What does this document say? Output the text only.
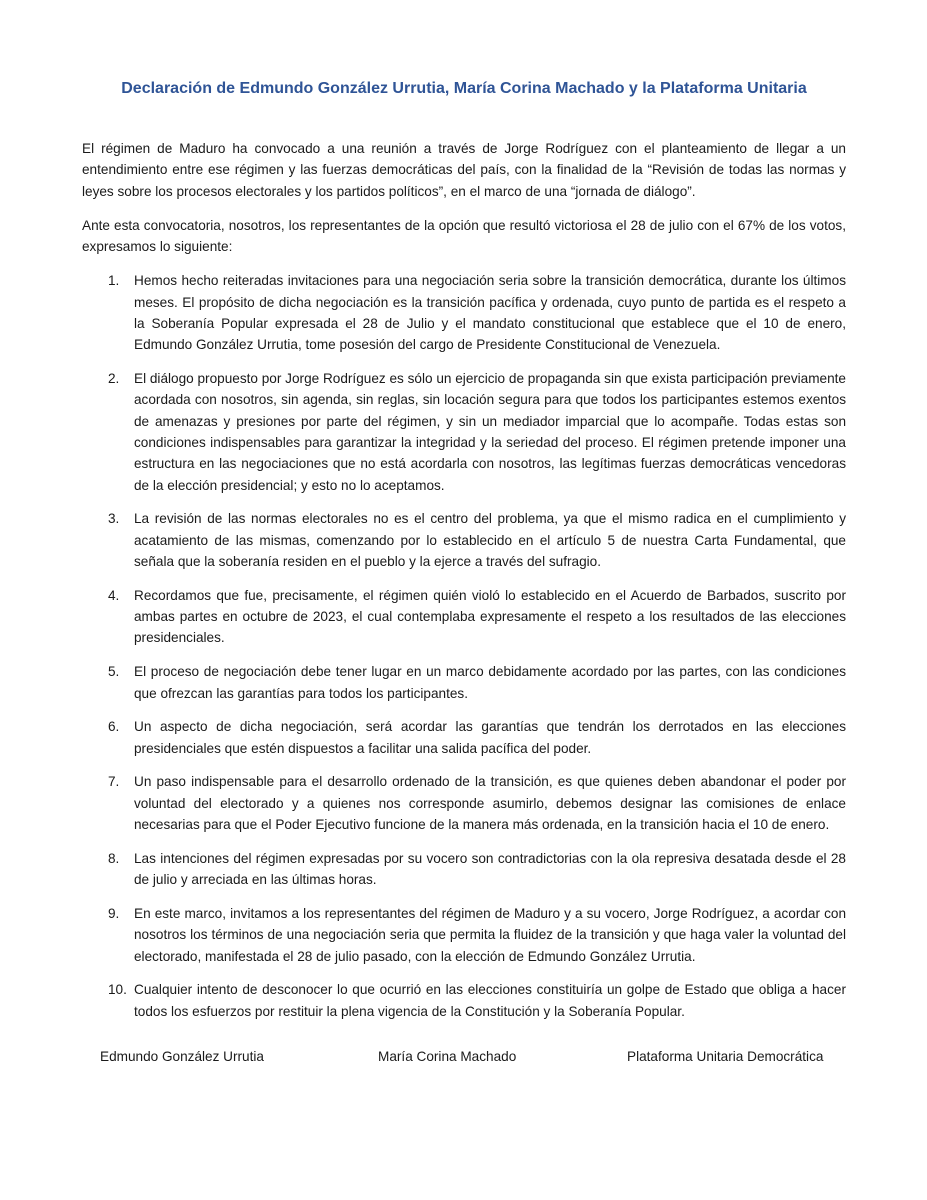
Declaración de Edmundo González Urrutia, María Corina Machado y la Plataforma Unitaria

El régimen de Maduro ha convocado a una reunión a través de Jorge Rodríguez con el planteamiento de llegar a un entendimiento entre ese régimen y las fuerzas democráticas del país, con la finalidad de la “Revisión de todas las normas y leyes sobre los procesos electorales y los partidos políticos”, en el marco de una “jornada de diálogo”.

Ante esta convocatoria, nosotros, los representantes de la opción que resultó victoriosa el 28 de julio con el 67% de los votos, expresamos lo siguiente:

1. Hemos hecho reiteradas invitaciones para una negociación seria sobre la transición democrática, durante los últimos meses. El propósito de dicha negociación es la transición pacífica y ordenada, cuyo punto de partida es el respeto a la Soberanía Popular expresada el 28 de Julio y el mandato constitucional que establece que el 10 de enero, Edmundo González Urrutia, tome posesión del cargo de Presidente Constitucional de Venezuela.
2. El diálogo propuesto por Jorge Rodríguez es sólo un ejercicio de propaganda sin que exista participación previamente acordada con nosotros, sin agenda, sin reglas, sin locación segura para que todos los participantes estemos exentos de amenazas y presiones por parte del régimen, y sin un mediador imparcial que lo acompañe. Todas estas son condiciones indispensables para garantizar la integridad y la seriedad del proceso. El régimen pretende imponer una estructura en las negociaciones que no está acordarla con nosotros, las legítimas fuerzas democráticas vencedoras de la elección presidencial; y esto no lo aceptamos.
3. La revisión de las normas electorales no es el centro del problema, ya que el mismo radica en el cumplimiento y acatamiento de las mismas, comenzando por lo establecido en el artículo 5 de nuestra Carta Fundamental, que señala que la soberanía residen en el pueblo y la ejerce a través del sufragio.
4. Recordamos que fue, precisamente, el régimen quién violó lo establecido en el Acuerdo de Barbados, suscrito por ambas partes en octubre de 2023, el cual contemplaba expresamente el respeto a los resultados de las elecciones presidenciales.
5. El proceso de negociación debe tener lugar en un marco debidamente acordado por las partes, con las condiciones que ofrezcan las garantías para todos los participantes.
6. Un aspecto de dicha negociación, será acordar las garantías que tendrán los derrotados en las elecciones presidenciales que estén dispuestos a facilitar una salida pacífica del poder.
7. Un paso indispensable para el desarrollo ordenado de la transición, es que quienes deben abandonar el poder por voluntad del electorado y a quienes nos corresponde asumirlo, debemos designar las comisiones de enlace necesarias para que el Poder Ejecutivo funcione de la manera más ordenada, en la transición hacia el 10 de enero.
8. Las intenciones del régimen expresadas por su vocero son contradictorias con la ola represiva desatada desde el 28 de julio y arreciada en las últimas horas.
9. En este marco, invitamos a los representantes del régimen de Maduro y a su vocero, Jorge Rodríguez, a acordar con nosotros los términos de una negociación seria que permita la fluidez de la transición y que haga valer la voluntad del electorado, manifestada el 28 de julio pasado, con la elección de Edmundo González Urrutia.
10. Cualquier intento de desconocer lo que ocurrió en las elecciones constituiría un golpe de Estado que obliga a hacer todos los esfuerzos por restituir la plena vigencia de la Constitución y la Soberanía Popular.
Edmundo González Urrutia	María Corina Machado	Plataforma Unitaria Democrática
